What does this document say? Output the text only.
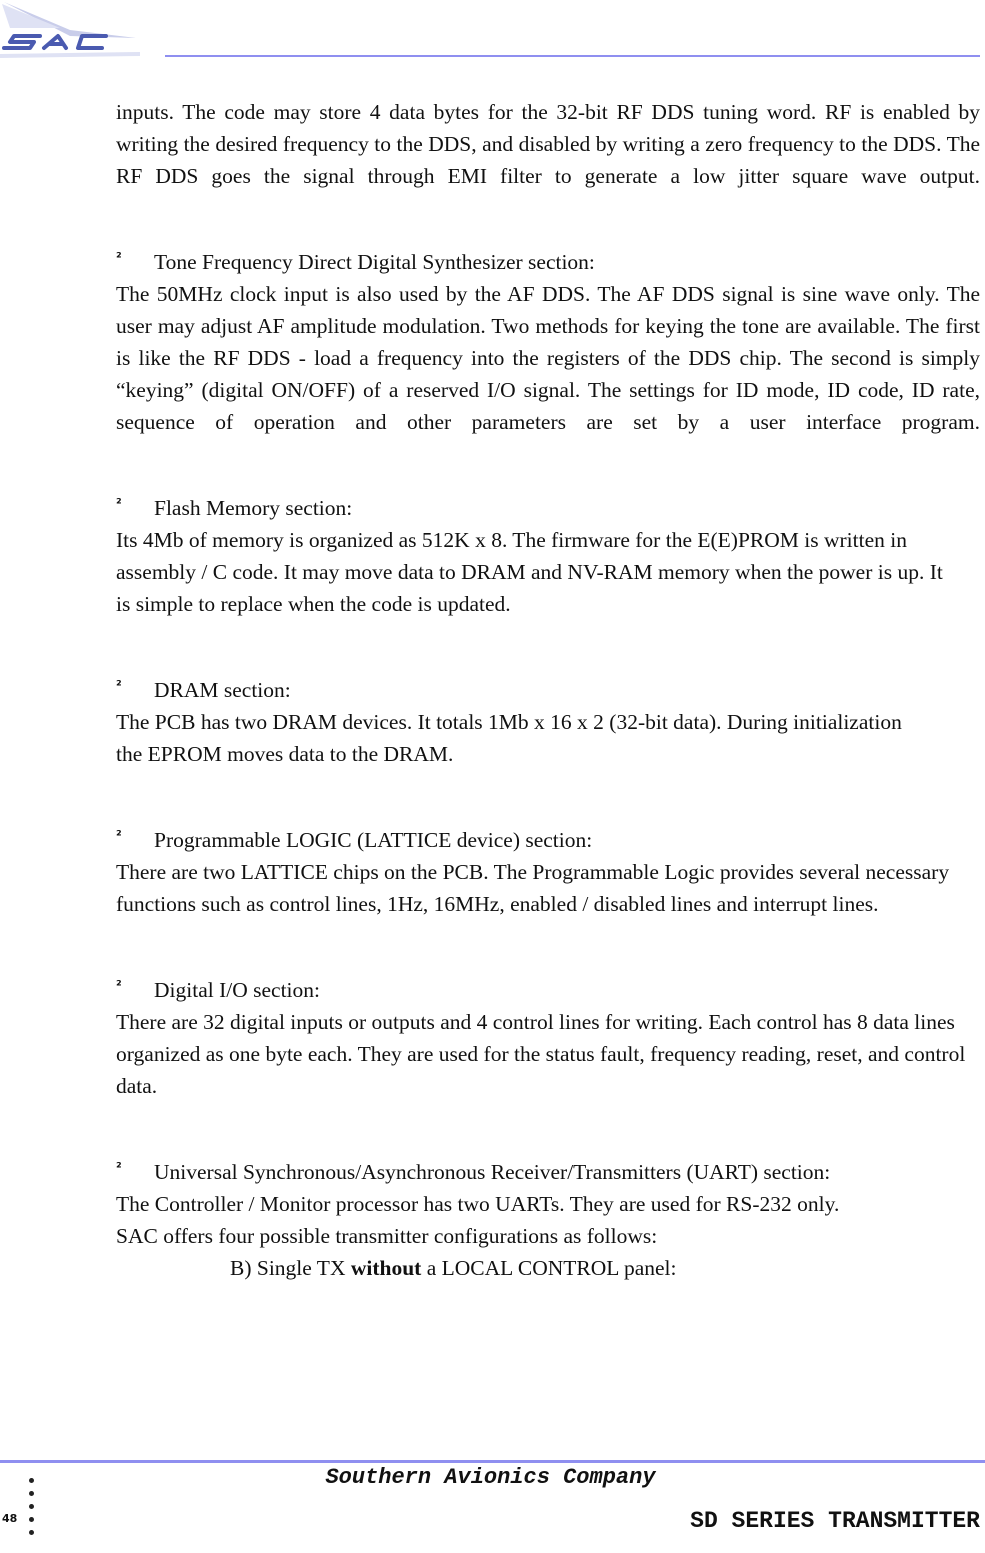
inputs. The code may store 4 data bytes for the 32-bit RF DDS tuning word. RF is enabled by writing the desired frequency to the DDS, and disabled by writing a zero frequency to the DDS. The RF DDS goes the signal through EMI filter to generate a low jitter square wave output.

² Tone Frequency Direct Digital Synthesizer section:

The 50MHz clock input is also used by the AF DDS. The AF DDS signal is sine wave only. The user may adjust AF amplitude modulation. Two methods for keying the tone are available. The first is like the RF DDS - load a frequency into the registers of the DDS chip. The second is simply “keying” (digital ON/OFF) of a reserved I/O signal. The settings for ID mode, ID code, ID rate, sequence of operation and other parameters are set by a user interface program.

² Flash Memory section:

Its 4Mb of memory is organized as 512K x 8. The firmware for the E(E)PROM is written in assembly / C code. It may move data to DRAM and NV-RAM memory when the power is up. It is simple to replace when the code is updated.

² DRAM section:

The PCB has two DRAM devices. It totals 1Mb x 16 x 2 (32-bit data). During initialization the EPROM moves data to the DRAM.

² Programmable LOGIC (LATTICE device) section:

There are two LATTICE chips on the PCB. The Programmable Logic provides several necessary functions such as control lines, 1Hz, 16MHz, enabled / disabled lines and interrupt lines.

² Digital I/O section:

There are 32 digital inputs or outputs and 4 control lines for writing. Each control has 8 data lines organized as one byte each. They are used for the status fault, frequency reading, reset, and control data.

² Universal Synchronous/Asynchronous Receiver/Transmitters (UART) section:

The Controller / Monitor processor has two UARTs. They are used for RS-232 only.

SAC offers four possible transmitter configurations as follows:

B) Single TX without a LOCAL CONTROL panel:

Southern Avionics Company
48	SD SERIES TRANSMITTER
